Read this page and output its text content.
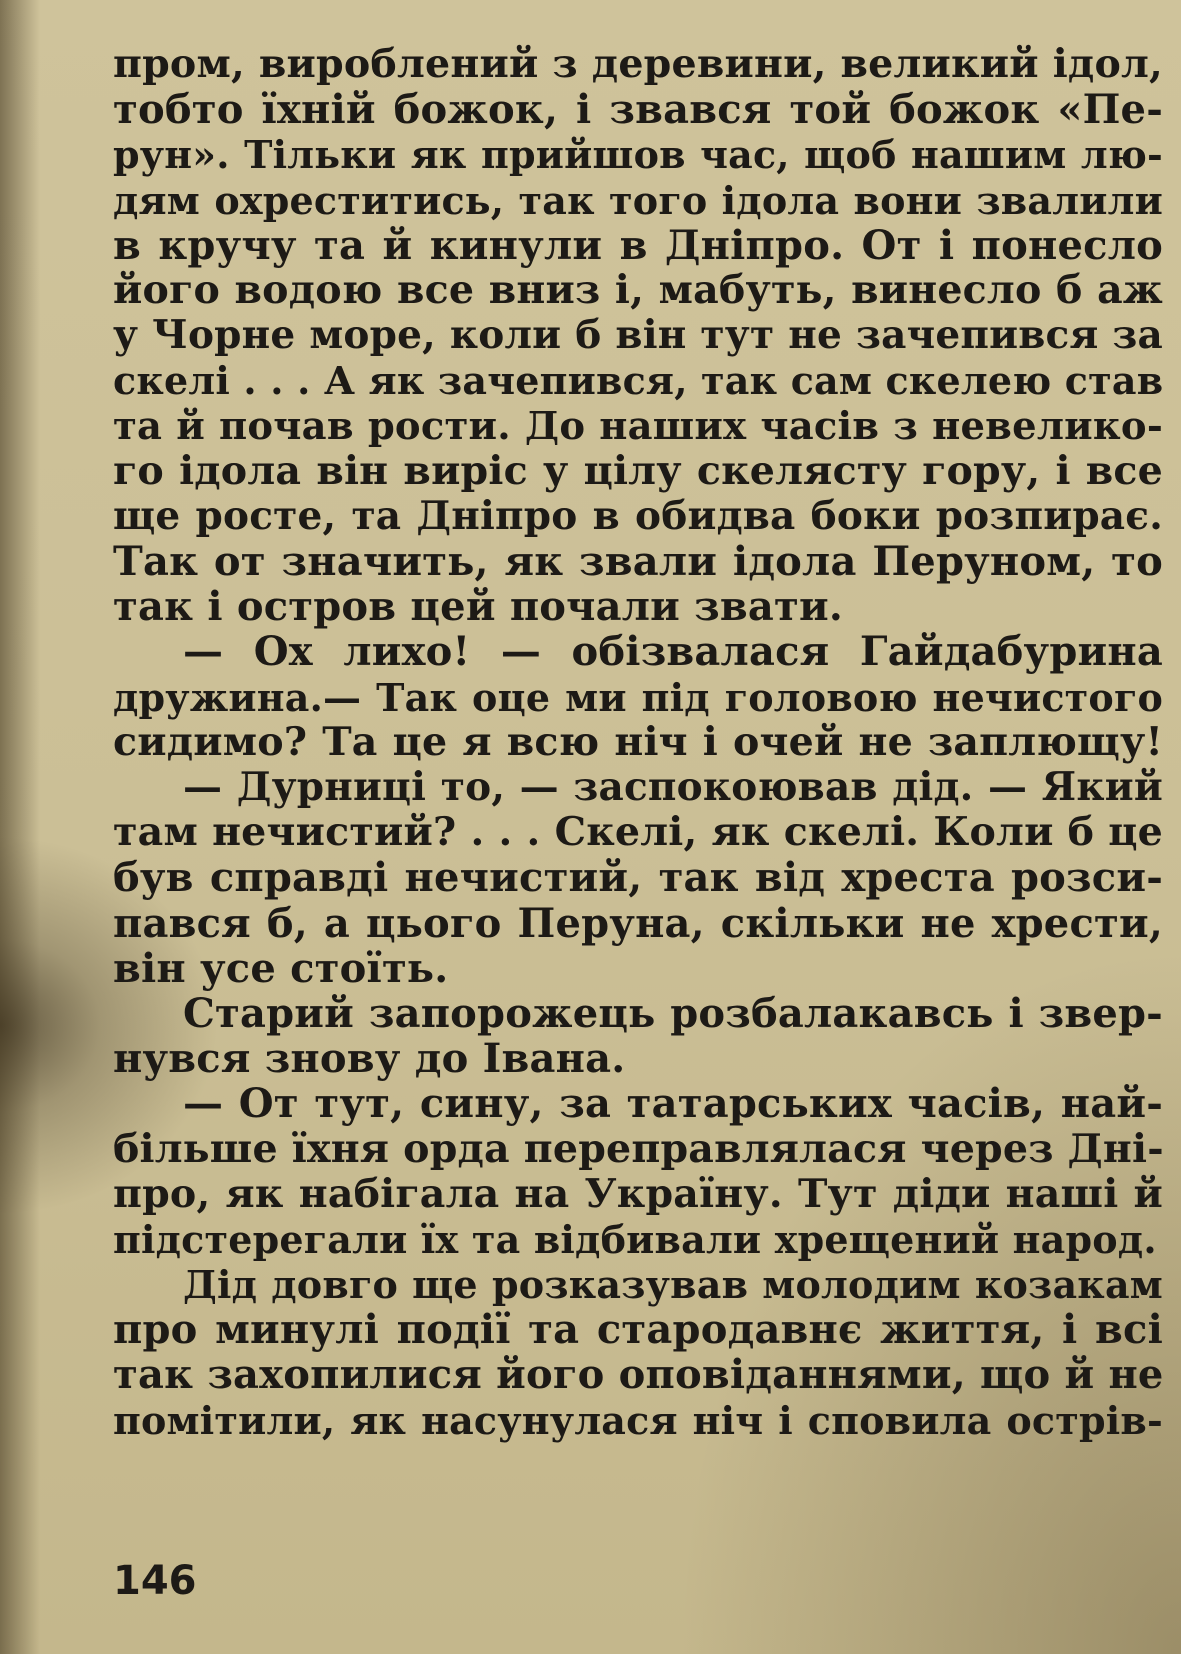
пром, вироблений з деревини, великий ідол,
тобто їхній божок, і звався той божок «Пе-
рун». Тільки як прийшов час, щоб нашим лю-
дям охреститись, так того ідола вони звалили
в кручу та й кинули в Дніпро. От і понесло
його водою все вниз і, мабуть, винесло б аж
у Чорне море, коли б він тут не зачепився за
скелі . . . А як зачепився, так сам скелею став
та й почав рости. До наших часів з невелико-
го ідола він виріс у цілу скелясту гору, і все
ще росте, та Дніпро в обидва боки розпирає.
Так от значить, як звали ідола Перуном, то
так і остров цей почали звати.
— Ох лихо! — обізвалася Гайдабурина
дружина.— Так оце ми під головою нечистого
сидимо? Та це я всю ніч і очей не заплющу!
— Дурниці то, — заспокоював дід. — Який
там нечистий? . . . Скелі, як скелі. Коли б це
був справді нечистий, так від хреста розси-
пався б, а цього Перуна, скільки не хрести,
він усе стоїть.
Старий запорожець розбалакавсь і звер-
нувся знову до Івана.
— От тут, сину, за татарських часів, най-
більше їхня орда переправлялася через Дні-
про, як набігала на Україну. Тут діди наші й
підстерегали їх та відбивали хрещений народ.
Дід довго ще розказував молодим козакам
про минулі події та стародавнє життя, і всі
так захопилися його оповіданнями, що й не
помітили, як насунулася ніч і сповила острів-
146
